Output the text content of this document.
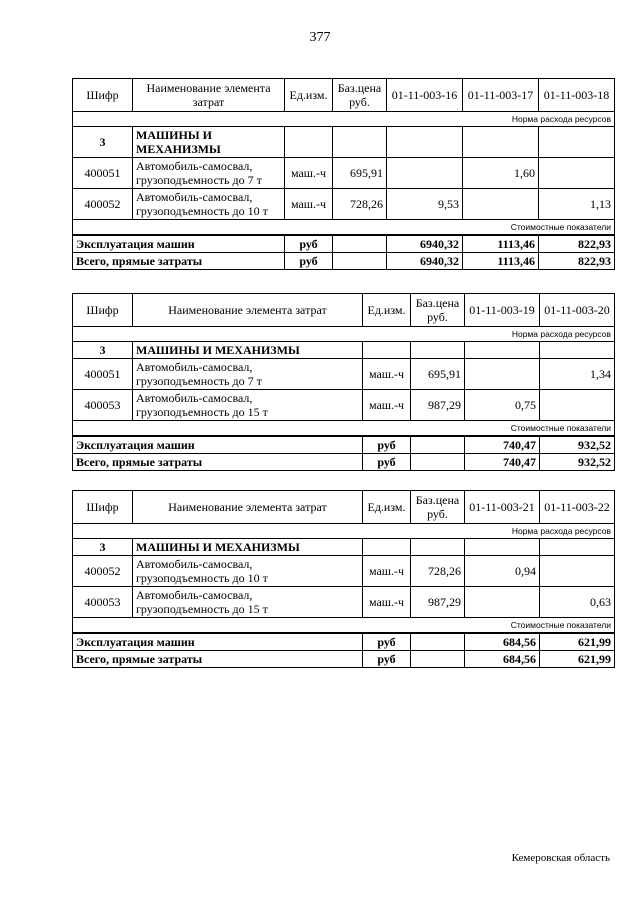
377
Шифр	Наименование элемента затрат	Ед.изм.	Баз.цена руб.	01-11-003-16	01-11-003-17	01-11-003-18
Норма расхода ресурсов						
3	МАШИНЫ И МЕХАНИЗМЫ					
400051	Автомобиль-самосвал, грузоподъемность до 7 т	маш.-ч	695,91		1,60	
400052	Автомобиль-самосвал, грузоподъемность до 10 т	маш.-ч	728,26	9,53		1,13
Стоимостные показатели						
Эксплуатация машин		руб		6940,32	1113,46	822,93
Всего, прямые затраты		руб		6940,32	1113,46	822,93
Шифр	Наименование элемента затрат	Ед.изм.	Баз.цена руб.	01-11-003-19	01-11-003-20
Норма расхода ресурсов					
3	МАШИНЫ И МЕХАНИЗМЫ				
400051	Автомобиль-самосвал, грузоподъемность до 7 т	маш.-ч	695,91		1,34
400053	Автомобиль-самосвал, грузоподъемность до 15 т	маш.-ч	987,29	0,75	
Стоимостные показатели					
Эксплуатация машин		руб		740,47	932,52
Всего, прямые затраты		руб		740,47	932,52
Шифр	Наименование элемента затрат	Ед.изм.	Баз.цена руб.	01-11-003-21	01-11-003-22
Норма расхода ресурсов					
3	МАШИНЫ И МЕХАНИЗМЫ				
400052	Автомобиль-самосвал, грузоподъемность до 10 т	маш.-ч	728,26	0,94	
400053	Автомобиль-самосвал, грузоподъемность до 15 т	маш.-ч	987,29		0,63
Стоимостные показатели					
Эксплуатация машин		руб		684,56	621,99
Всего, прямые затраты		руб		684,56	621,99
Кемеровская область
